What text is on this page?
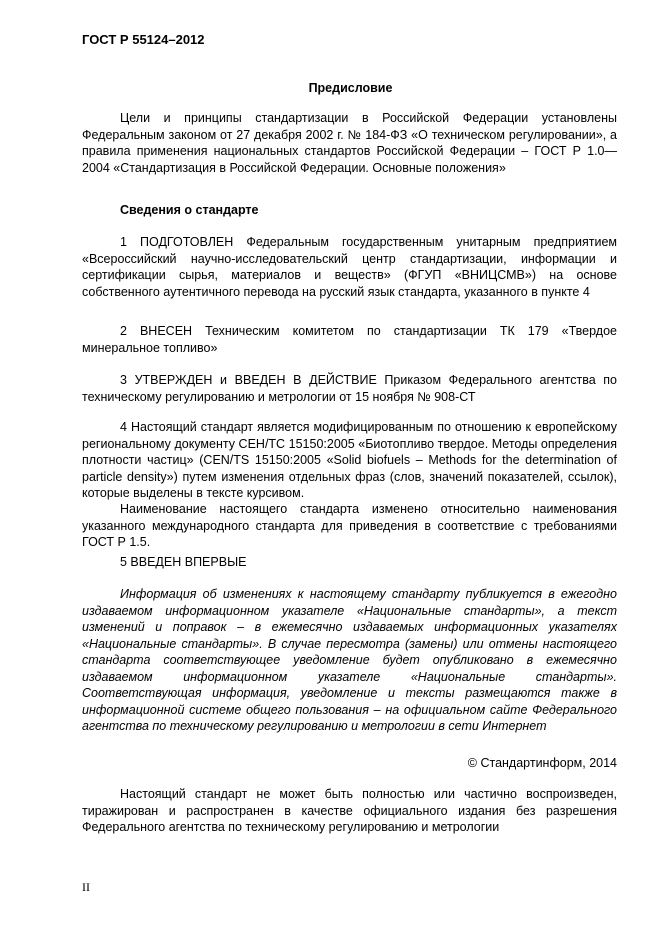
ГОСТ Р 55124–2012
Предисловие

Цели и принципы стандартизации в Российской Федерации установлены Федеральным законом от 27 декабря 2002 г. № 184-ФЗ «О техническом регулировании», а правила применения национальных стандартов Российской Федерации – ГОСТ Р 1.0—2004 «Стандартизация в Российской Федерации. Основные положения»

Сведения о стандарте

1 ПОДГОТОВЛЕН Федеральным государственным унитарным предприятием «Всероссийский научно-исследовательский центр стандартизации, информации и сертификации сырья, материалов и веществ» (ФГУП «ВНИЦСМВ») на основе собственного аутентичного перевода на русский язык стандарта, указанного в пункте 4

2 ВНЕСЕН Техническим комитетом по стандартизации ТК 179 «Твердое минеральное топливо»

3 УТВЕРЖДЕН и ВВЕДЕН В ДЕЙСТВИЕ Приказом Федерального агентства по техническому регулированию и метрологии от 15 ноября № 908-СТ

4 Настоящий стандарт является модифицированным по отношению к европейскому региональному документу CEH/TC 15150:2005 «Биотопливо твердое. Методы определения плотности частиц» (CEN/TS 15150:2005 «Solid biofuels – Methods for the determination of particle density») путем изменения отдельных фраз (слов, значений показателей, ссылок), которые выделены в тексте курсивом.

Наименование настоящего стандарта изменено относительно наименования указанного международного стандарта для приведения в соответствие с требованиями ГОСТ Р 1.5.

5 ВВЕДЕН ВПЕРВЫЕ

Информация об изменениях к настоящему стандарту публикуется в ежегодно издаваемом информационном указателе «Национальные стандарты», а текст изменений и поправок – в ежемесячно издаваемых информационных указателях «Национальные стандарты». В случае пересмотра (замены) или отмены настоящего стандарта соответствующее уведомление будет опубликовано в ежемесячно издаваемом информационном указателе «Национальные стандарты». Соответствующая информация, уведомление и тексты размещаются также в информационной системе общего пользования – на официальном сайте Федерального агентства по техническому регулированию и метрологии в сети Интернет

© Стандартинформ, 2014

Настоящий стандарт не может быть полностью или частично воспроизведен, тиражирован и распространен в качестве официального издания без разрешения Федерального агентства по техническому регулированию и метрологии

II
